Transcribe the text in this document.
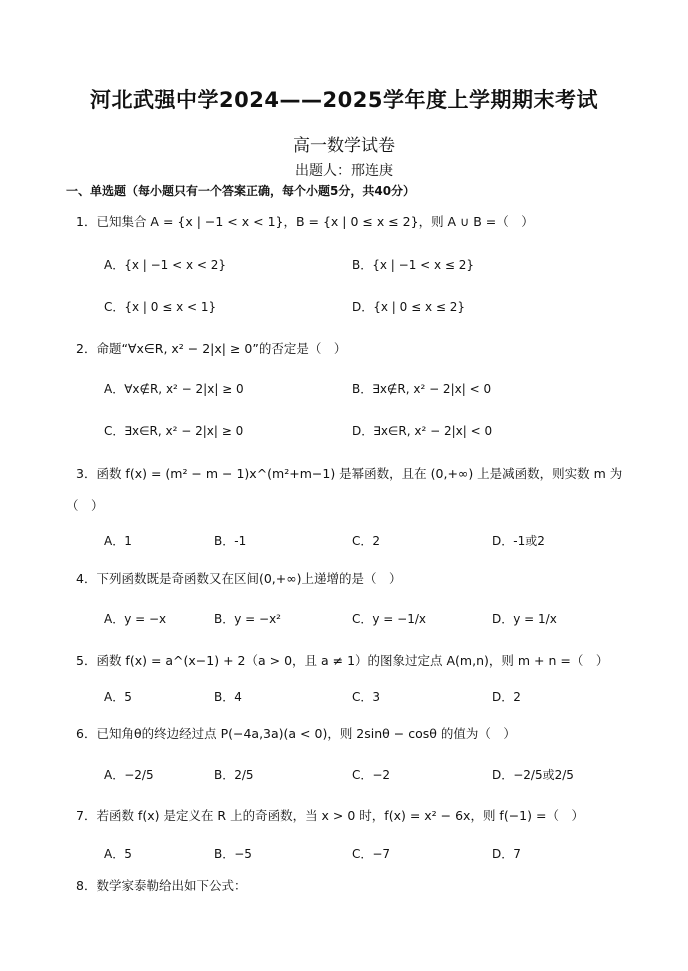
河北武强中学2024——2025学年度上学期期末考试
高一数学试卷
出题人：邢连庚
一、单选题（每小题只有一个答案正确，每个小题5分，共40分）
1．已知集合 A = {x | −1 < x < 1}，B = {x | 0 ≤ x ≤ 2}，则 A ∪ B =（　）
A．{x | −1 < x < 2}	B．{x | −1 < x ≤ 2}
C．{x | 0 ≤ x < 1}	D．{x | 0 ≤ x ≤ 2}
2．命题“∀x∈R, x² − 2|x| ≥ 0”的否定是（　）
A．∀x∉R, x² − 2|x| ≥ 0	B．∃x∉R, x² − 2|x| < 0
C．∃x∈R, x² − 2|x| ≥ 0	D．∃x∈R, x² − 2|x| < 0
3．函数 f(x) = (m² − m − 1)x^(m²+m−1) 是幂函数，且在 (0,+∞) 上是减函数，则实数 m 为
（　）
A．1	B．-1	C．2	D．-1或2
4．下列函数既是奇函数又在区间(0,+∞)上递增的是（　）
A．y = −x	B．y = −x²	C．y = −1/x	D．y = 1/x
5．函数 f(x) = a^(x−1) + 2（a > 0，且 a ≠ 1）的图象过定点 A(m,n)，则 m + n =（　）
A．5	B．4	C．3	D．2
6．已知角θ的终边经过点 P(−4a,3a)(a < 0)，则 2sinθ − cosθ 的值为（　）
A．−2/5	B．2/5	C．−2	D．−2/5或2/5
7．若函数 f(x) 是定义在 R 上的奇函数，当 x > 0 时，f(x) = x² − 6x，则 f(−1) =（　）
A．5	B．−5	C．−7	D．7
8．数学家泰勒给出如下公式：
